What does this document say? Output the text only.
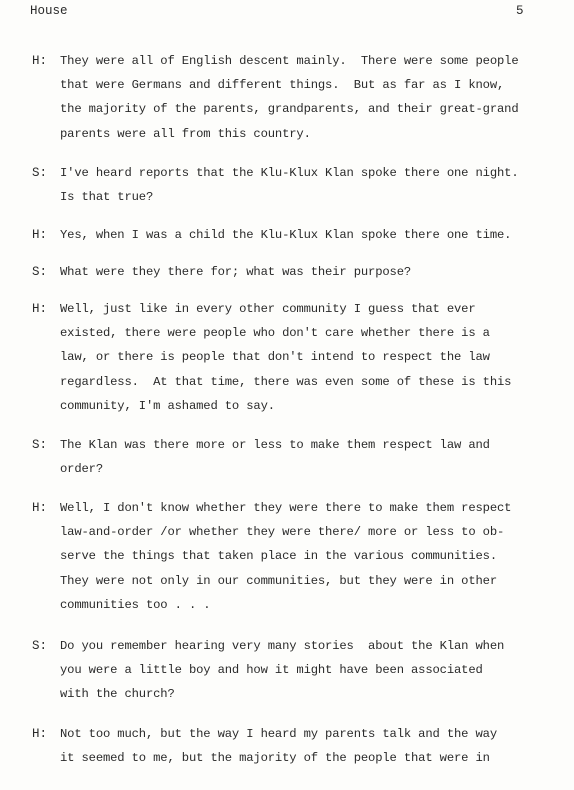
House	5
H: They were all of English descent mainly.  There were some people
that were Germans and different things.  But as far as I know,
the majority of the parents, grandparents, and their great-grand
parents were all from this country.
S: I've heard reports that the Klu-Klux Klan spoke there one night.
Is that true?
H: Yes, when I was a child the Klu-Klux Klan spoke there one time.
S: What were they there for; what was their purpose?
H: Well, just like in every other community I guess that ever
existed, there were people who don't care whether there is a
law, or there is people that don't intend to respect the law
regardless.  At that time, there was even some of these is this
community, I'm ashamed to say.
S: The Klan was there more or less to make them respect law and
order?
H: Well, I don't know whether they were there to make them respect
law-and-order /or whether they were there/ more or less to ob-
serve the things that taken place in the various communities.
They were not only in our communities, but they were in other
communities too . . .
S: Do you remember hearing very many stories  about the Klan when
you were a little boy and how it might have been associated
with the church?
H: Not too much, but the way I heard my parents talk and the way
it seemed to me, but the majority of the people that were in
